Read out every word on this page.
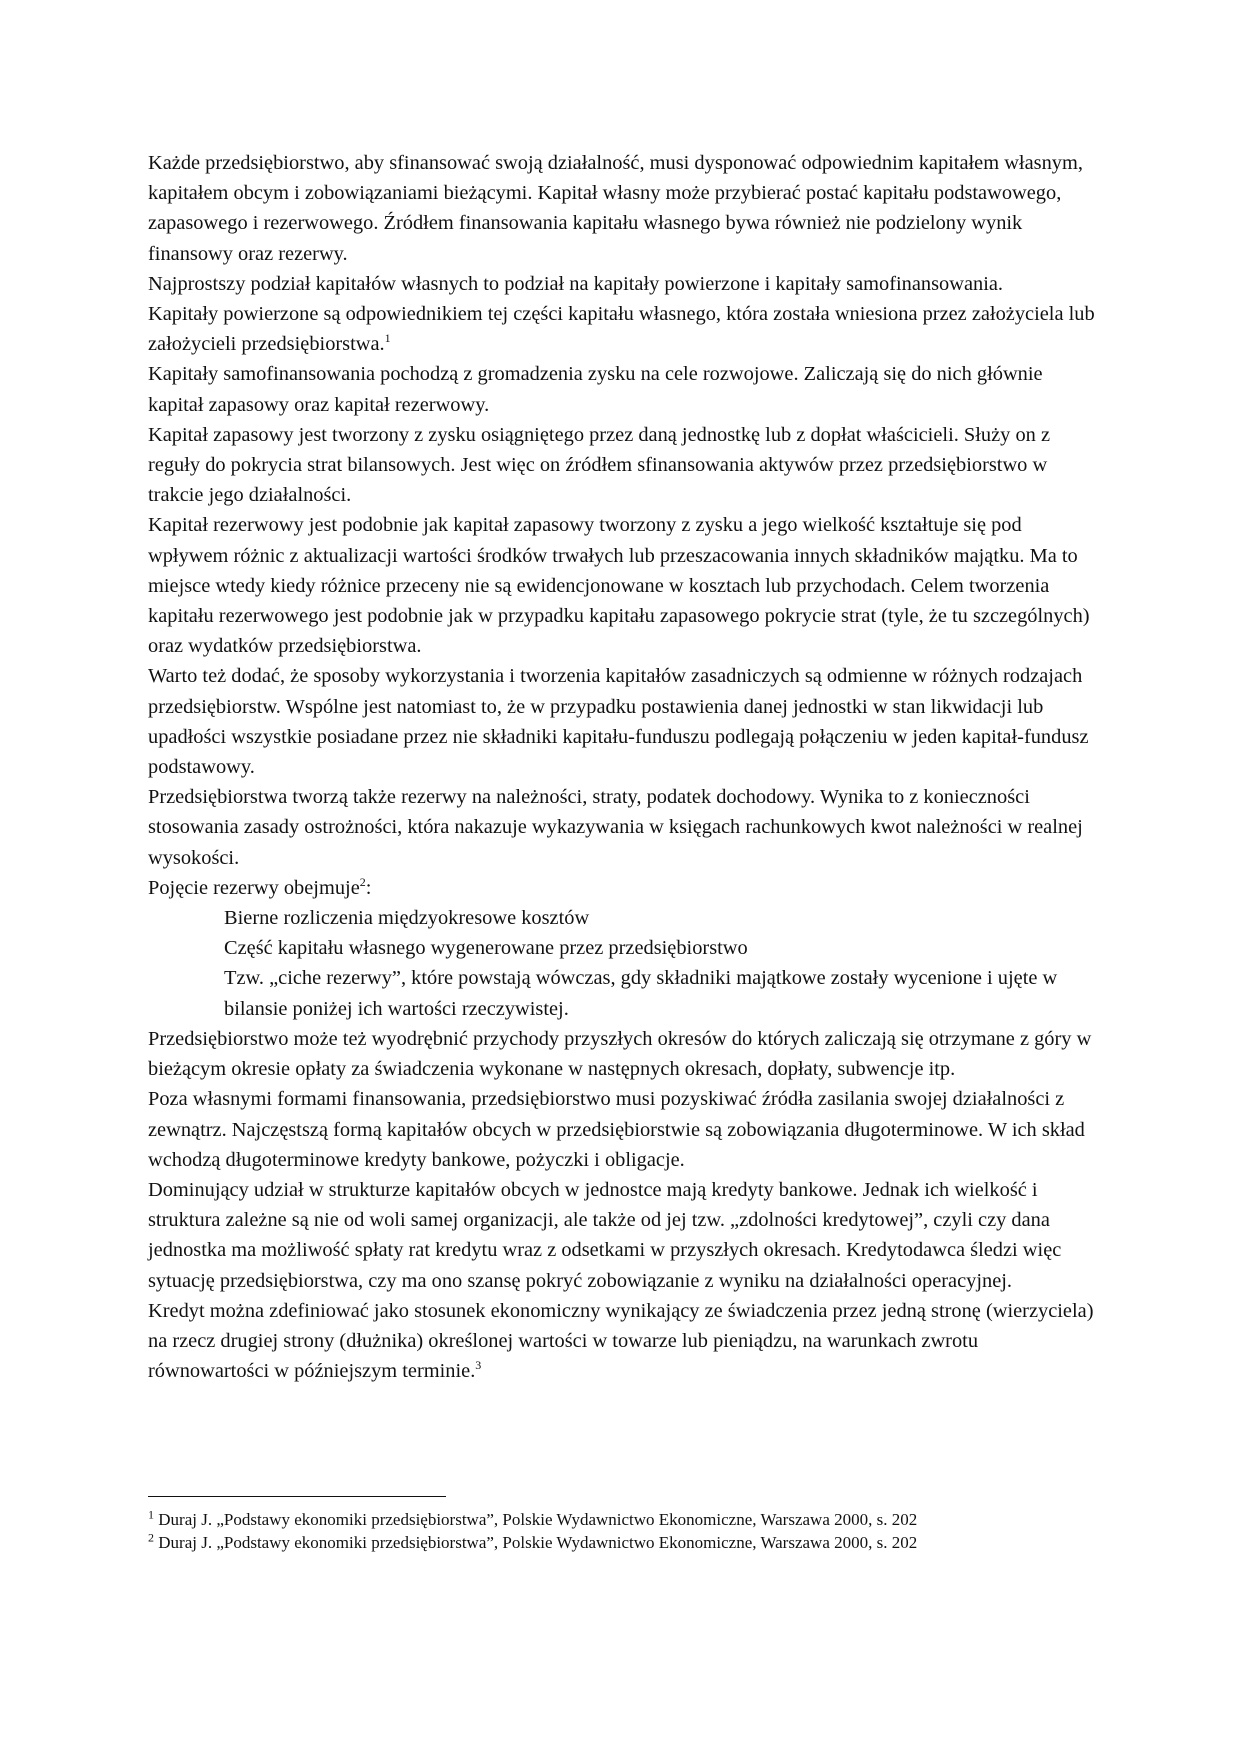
Każde przedsiębiorstwo, aby sfinansować swoją działalność, musi dysponować odpowiednim kapitałem własnym, kapitałem obcym i zobowiązaniami bieżącymi. Kapitał własny może przybierać postać kapitału podstawowego, zapasowego i rezerwowego. Źródłem finansowania kapitału własnego bywa również nie podzielony wynik finansowy oraz rezerwy.

Najprostszy podział kapitałów własnych to podział na kapitały powierzone i kapitały samofinansowania.

Kapitały powierzone są odpowiednikiem tej części kapitału własnego, która została wniesiona przez założyciela lub założycieli przedsiębiorstwa.$^1$

Kapitały samofinansowania pochodzą z gromadzenia zysku na cele rozwojowe. Zaliczają się do nich głównie kapitał zapasowy oraz kapitał rezerwowy.

Kapitał zapasowy jest tworzony z zysku osiągniętego przez daną jednostkę lub z dopłat właścicieli. Służy on z reguły do pokrycia strat bilansowych. Jest więc on źródłem sfinansowania aktywów przez przedsiębiorstwo w trakcie jego działalności.

Kapitał rezerwowy jest podobnie jak kapitał zapasowy tworzony z zysku a jego wielkość kształtuje się pod wpływem różnic z aktualizacji wartości środków trwałych lub przeszacowania innych składników majątku. Ma to miejsce wtedy kiedy różnice przeceny nie są ewidencjonowane w kosztach lub przychodach. Celem tworzenia kapitału rezerwowego jest podobnie jak w przypadku kapitału zapasowego pokrycie strat (tyle, że tu szczególnych) oraz wydatków przedsiębiorstwa.

Warto też dodać, że sposoby wykorzystania i tworzenia kapitałów zasadniczych są odmienne w różnych rodzajach przedsiębiorstw. Wspólne jest natomiast to, że w przypadku postawienia danej jednostki w stan likwidacji lub upadłości wszystkie posiadane przez nie składniki kapitału-funduszu podlegają połączeniu w jeden kapitał-fundusz podstawowy.

Przedsiębiorstwa tworzą także rezerwy na należności, straty, podatek dochodowy. Wynika to z konieczności stosowania zasady ostrożności, która nakazuje wykazywania w księgach rachunkowych kwot należności w realnej wysokości.

Pojęcie rezerwy obejmuje$^2$:

Bierne rozliczenia międzyokresowe kosztów

Część kapitału własnego wygenerowane przez przedsiębiorstwo

Tzw. „ciche rezerwy”, które powstają wówczas, gdy składniki majątkowe zostały wycenione i ujęte w bilansie poniżej ich wartości rzeczywistej.

Przedsiębiorstwo może też wyodrębnić przychody przyszłych okresów do których zaliczają się otrzymane z góry w bieżącym okresie opłaty za świadczenia wykonane w następnych okresach, dopłaty, subwencje itp.

Poza własnymi formami finansowania, przedsiębiorstwo musi pozyskiwać źródła zasilania swojej działalności z zewnątrz. Najczęstszą formą kapitałów obcych w przedsiębiorstwie są zobowiązania długoterminowe. W ich skład wchodzą długoterminowe kredyty bankowe, pożyczki i obligacje.

Dominujący udział w strukturze kapitałów obcych w jednostce mają kredyty bankowe. Jednak ich wielkość i struktura zależne są nie od woli samej organizacji, ale także od jej tzw. „zdolności kredytowej”, czyli czy dana jednostka ma możliwość spłaty rat kredytu wraz z odsetkami w przyszłych okresach. Kredytodawca śledzi więc sytuację przedsiębiorstwa, czy ma ono szansę pokryć zobowiązanie z wyniku na działalności operacyjnej.

Kredyt można zdefiniować jako stosunek ekonomiczny wynikający ze świadczenia przez jedną stronę (wierzyciela) na rzecz drugiej strony (dłużnika) określonej wartości w towarze lub pieniądzu, na warunkach zwrotu równowartości w późniejszym terminie.$^3$

$^1$ Duraj J. „Podstawy ekonomiki przedsiębiorstwa”, Polskie Wydawnictwo Ekonomiczne, Warszawa 2000, s. 202

$^2$ Duraj J. „Podstawy ekonomiki przedsiębiorstwa”, Polskie Wydawnictwo Ekonomiczne, Warszawa 2000, s. 202
